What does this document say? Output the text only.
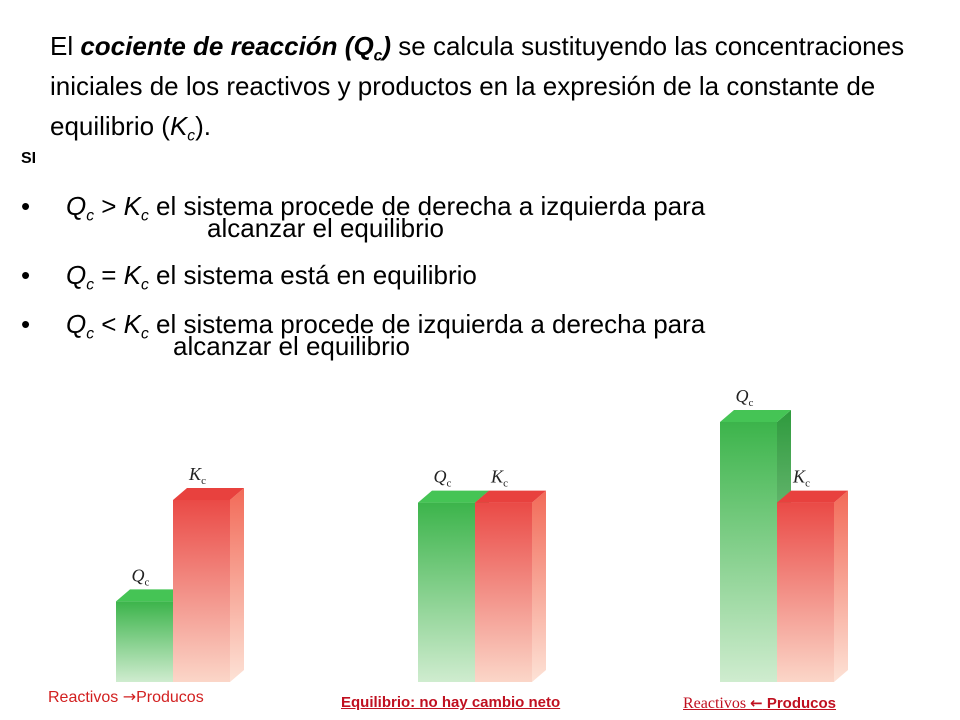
El cociente de reacción $(Q_c)$ se calcula sustituyendo las concentraciones iniciales de los reactivos y productos en la expresión de la constante de equilibrio $(K_c)$.

SI
• $Q_c > K_c$ el sistema procede de derecha a izquierda para
alcanzar el equilibrio
• $Q_c = K_c$ el sistema está en equilibrio
• $Q_c < K_c$ el sistema procede de izquierda a derecha para
alcanzar el equilibrio
$Q_c$
$K_c$	$Q_c$ $K_c$
$Q_c$
$K_c$
Reactivos →Producos	Equilibrio: no hay cambio neto	Reactivos ← Producos
